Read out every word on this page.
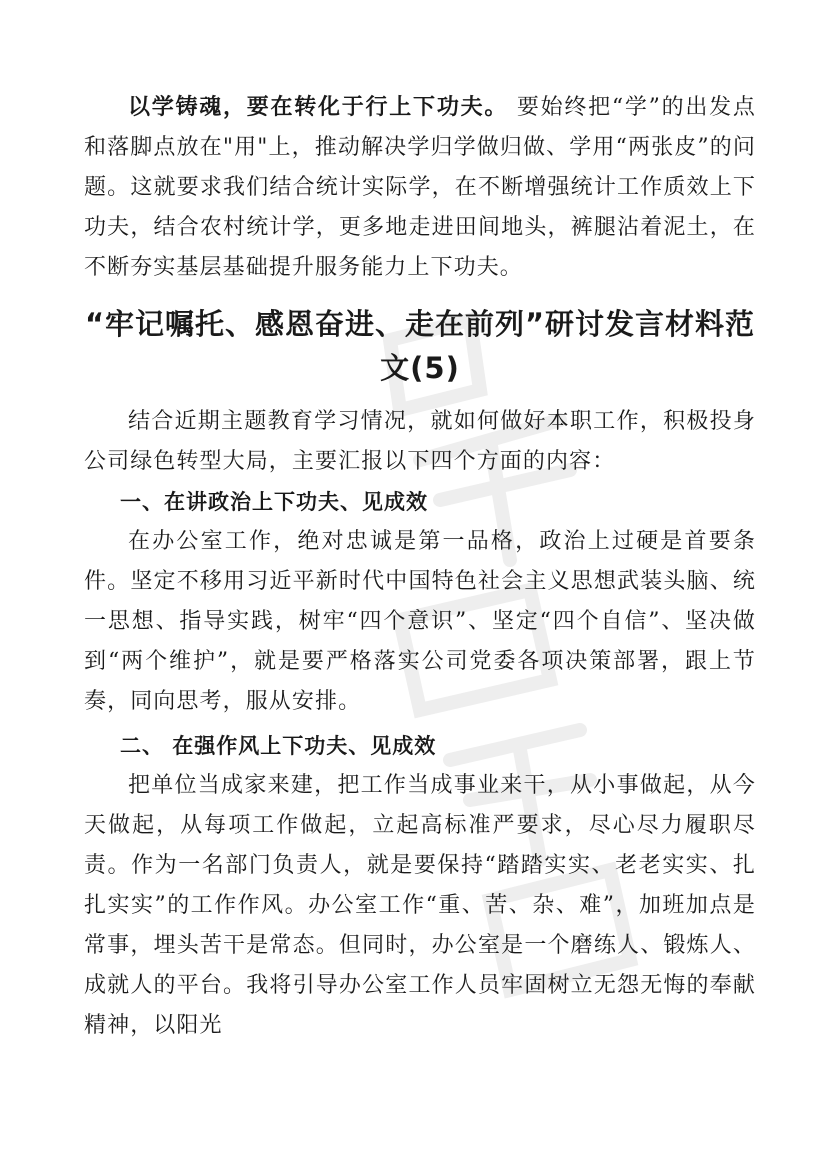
以学铸魂，要在转化于行上下功夫。 要始终把“学”的出发点和落脚点放在"用"上，推动解决学归学做归做、学用“两张皮”的问题。这就要求我们结合统计实际学，在不断增强统计工作质效上下功夫，结合农村统计学，更多地走进田间地头，裤腿沾着泥土，在不断夯实基层基础提升服务能力上下功夫。

“牢记嘱托、感恩奋进、走在前列”研讨发言材料范文(5)

结合近期主题教育学习情况，就如何做好本职工作，积极投身公司绿色转型大局，主要汇报以下四个方面的内容：

一、在讲政治上下功夫、见成效

在办公室工作，绝对忠诚是第一品格，政治上过硬是首要条件。坚定不移用习近平新时代中国特色社会主义思想武装头脑、统一思想、指导实践，树牢“四个意识”、坚定“四个自信”、坚决做到“两个维护”，就是要严格落实公司党委各项决策部署，跟上节奏，同向思考，服从安排。

二、 在强作风上下功夫、见成效

把单位当成家来建，把工作当成事业来干，从小事做起，从今天做起，从每项工作做起，立起高标准严要求，尽心尽力履职尽责。作为一名部门负责人，就是要保持“踏踏实实、老老实实、扎扎实实”的工作作风。办公室工作“重、苦、杂、难”，加班加点是常事，埋头苦干是常态。但同时，办公室是一个磨练人、锻炼人、成就人的平台。我将引导办公室工作人员牢固树立无怨无悔的奉献精神，以阳光
